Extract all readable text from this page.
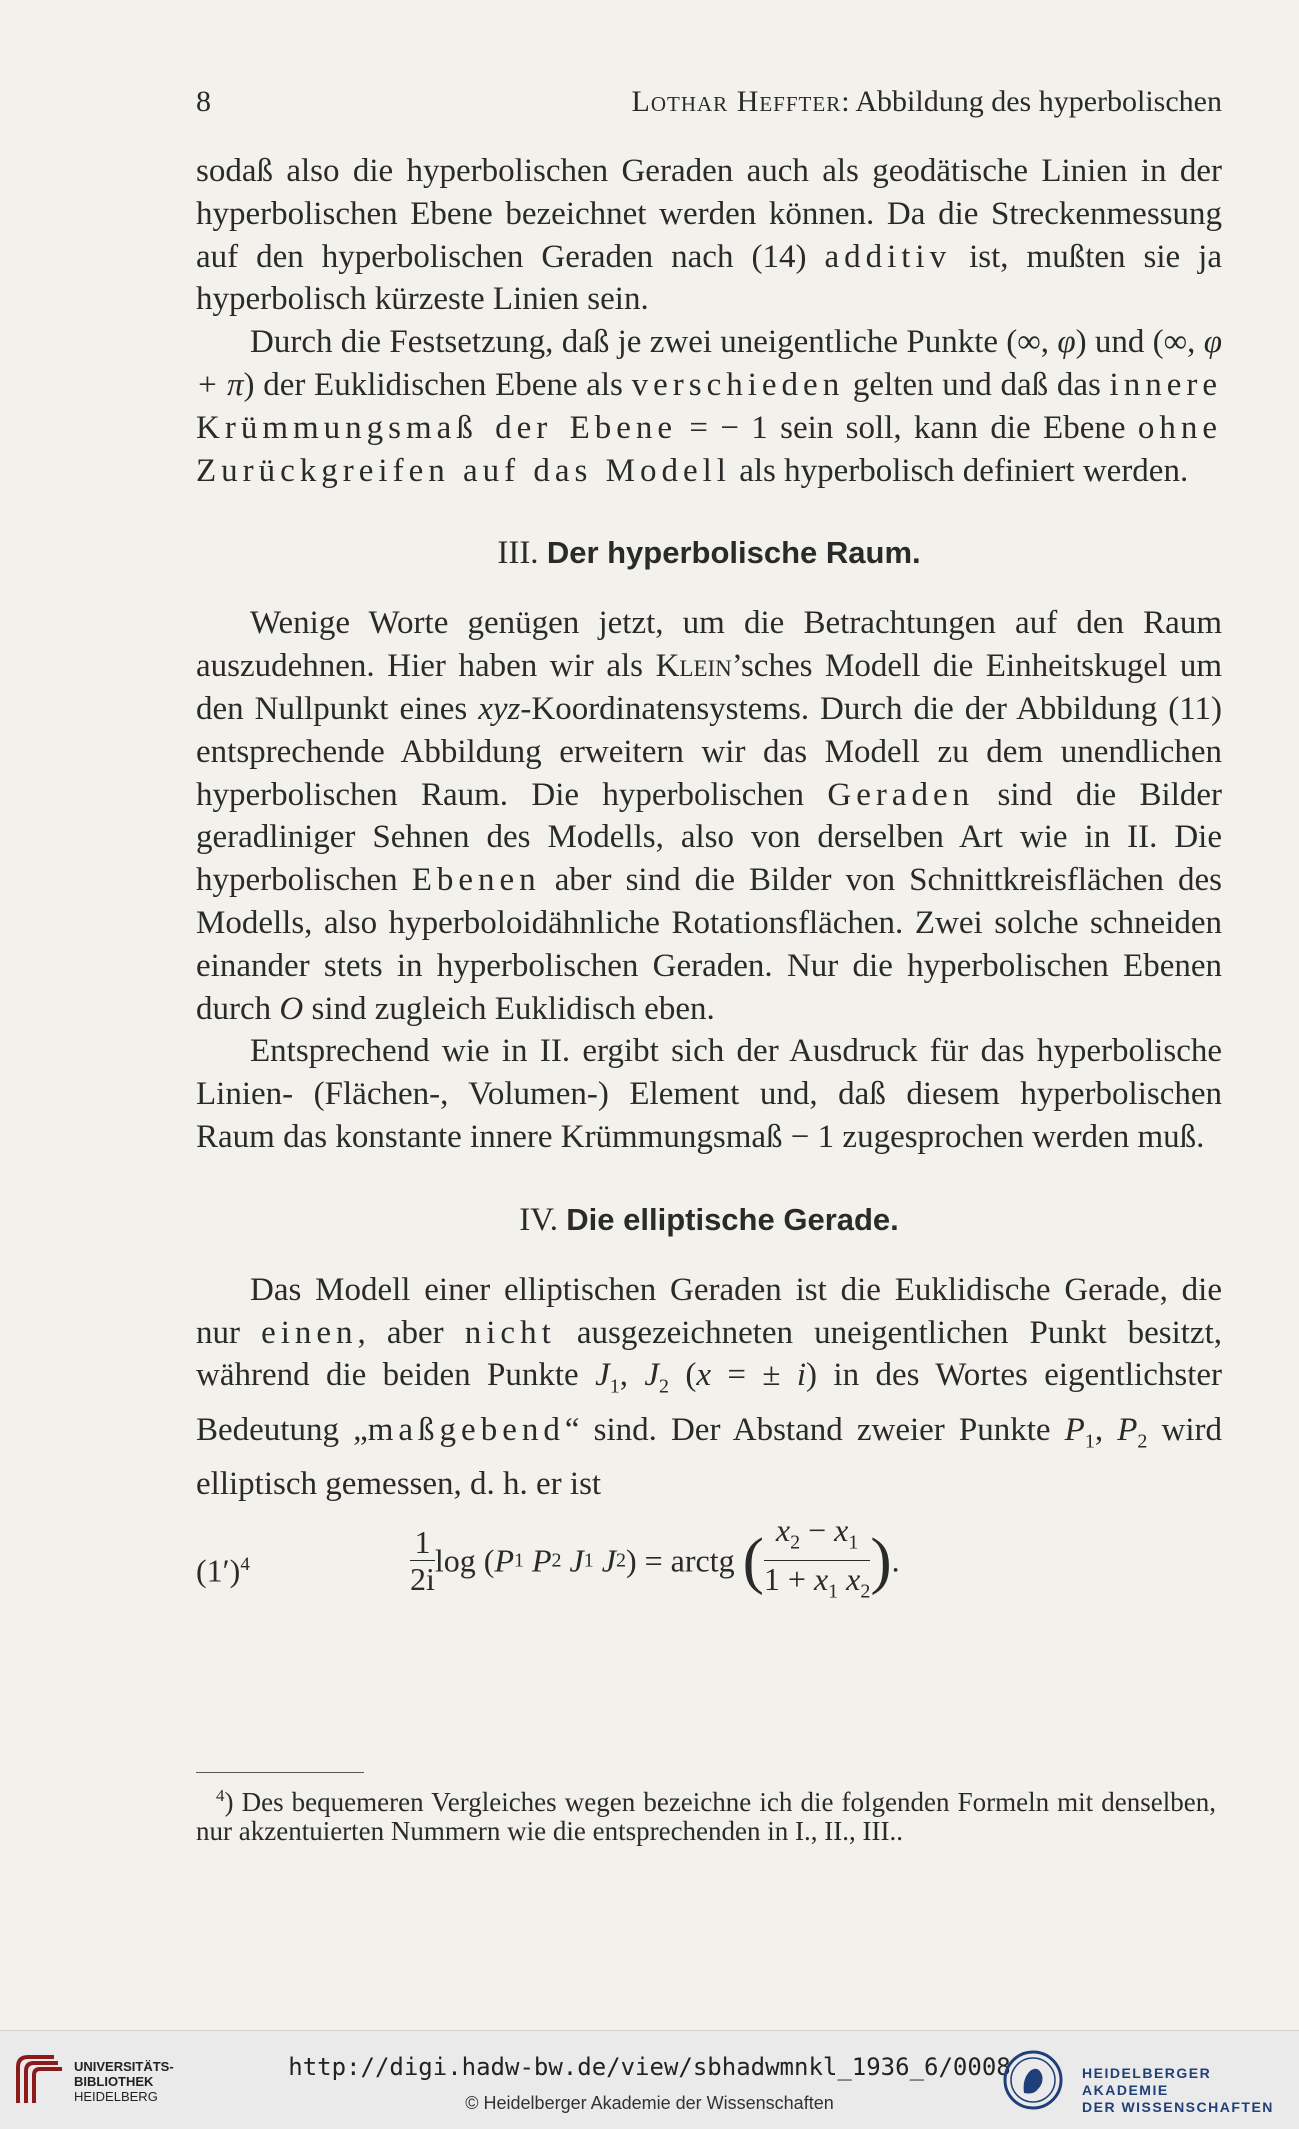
8	Lothar Heffter: Abbildung des hyperbolischen

sodaß also die hyperbolischen Geraden auch als geodätische Linien in der hyperbolischen Ebene bezeichnet werden können. Da die Streckenmessung auf den hyperbolischen Geraden nach (14) additiv ist, mußten sie ja hyperbolisch kürzeste Linien sein.

Durch die Festsetzung, daß je zwei uneigentliche Punkte (∞, φ) und (∞, φ + π) der Euklidischen Ebene als verschieden gelten und daß das innere Krümmungsmaß der Ebene = − 1 sein soll, kann die Ebene ohne Zurückgreifen auf das Modell als hyperbolisch definiert werden.

III. Der hyperbolische Raum.

Wenige Worte genügen jetzt, um die Betrachtungen auf den Raum auszudehnen. Hier haben wir als Klein’sches Modell die Einheitskugel um den Nullpunkt eines xyz-Koordinatensystems. Durch die der Abbildung (11) entsprechende Abbildung erweitern wir das Modell zu dem unendlichen hyperbolischen Raum. Die hyperbolischen Geraden sind die Bilder geradliniger Sehnen des Modells, also von derselben Art wie in II. Die hyperbolischen Ebenen aber sind die Bilder von Schnittkreisflächen des Modells, also hyperboloidähnliche Rotationsflächen. Zwei solche schneiden einander stets in hyperbolischen Geraden. Nur die hyperbolischen Ebenen durch O sind zugleich Euklidisch eben.

Entsprechend wie in II. ergibt sich der Ausdruck für das hyperbolische Linien- (Flächen-, Volumen-) Element und, daß diesem hyperbolischen Raum das konstante innere Krümmungsmaß − 1 zugesprochen werden muß.

IV. Die elliptische Gerade.

Das Modell einer elliptischen Geraden ist die Euklidische Gerade, die nur einen, aber nicht ausgezeichneten uneigentlichen Punkt besitzt, während die beiden Punkte $J_1$, $J_2$ (x = ± i) in des Wortes eigentlichster Bedeutung „maßgebend“ sind. Der Abstand zweier Punkte $P_1$, $P_2$ wird elliptisch gemessen, d. h. er ist

$(1')^4$	$\frac{1}{2i}$ log (P1 P2 J1 J2) = arctg ( $\frac{x_2 - x_1}{1 + x_1 x_2}$ ).
$^4$) Des bequemeren Vergleiches wegen bezeichne ich die folgenden Formeln mit denselben, nur akzentuierten Nummern wie die entsprechenden in I., II., III..
UNIVERSITÄTS-
BIBLIOTHEK
HEIDELBERG
http://digi.hadw-bw.de/view/sbhadwmnkl_1936_6/0008
© Heidelberger Akademie der Wissenschaften
HEIDELBERGER AKADEMIE
DER WISSENSCHAFTEN
